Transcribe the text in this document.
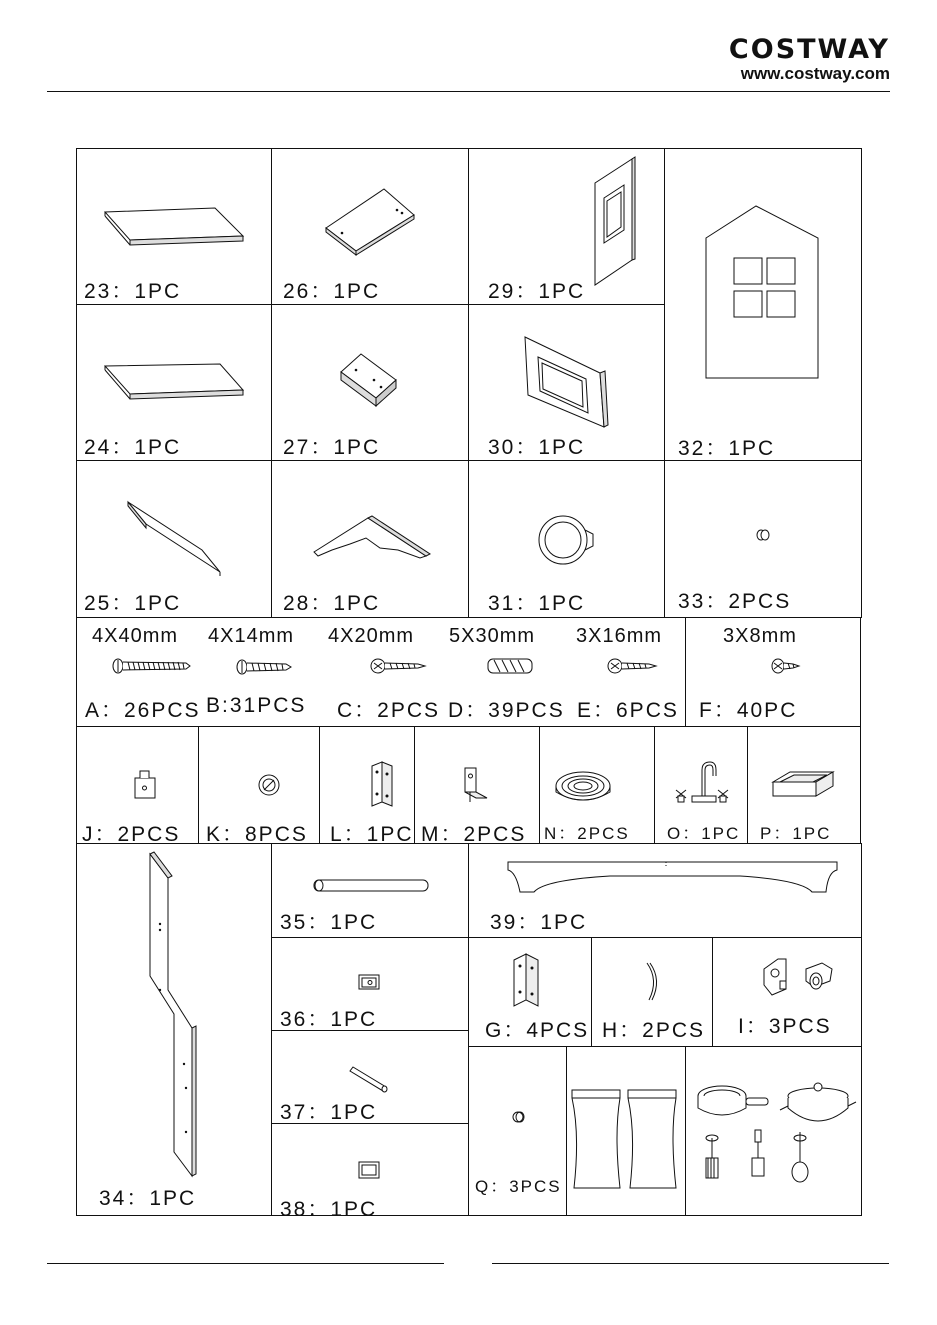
COSTWAY
www.costway.com
23：1PC	26：1PC	29：1PC
32：1PC
24：1PC	27：1PC	30：1PC
25：1PC	28：1PC	31：1PC	33：2PCS
4X40mm 4X14mm 4X20mm 5X30mm 3X16mm	3X8mm
A：26PCS B:31PCS C：2PCS D：39PCS E：6PCS F：40PC
J：2PCS K：8PCS L：1PC M：2PCS N：2PCS O：1PC P：1PC
34：1PC
35：1PC	39：1PC
36：1PC
37：1PC
38：1PC
G：4PCS H：2PCS I：3PCS
Q：3PCS
